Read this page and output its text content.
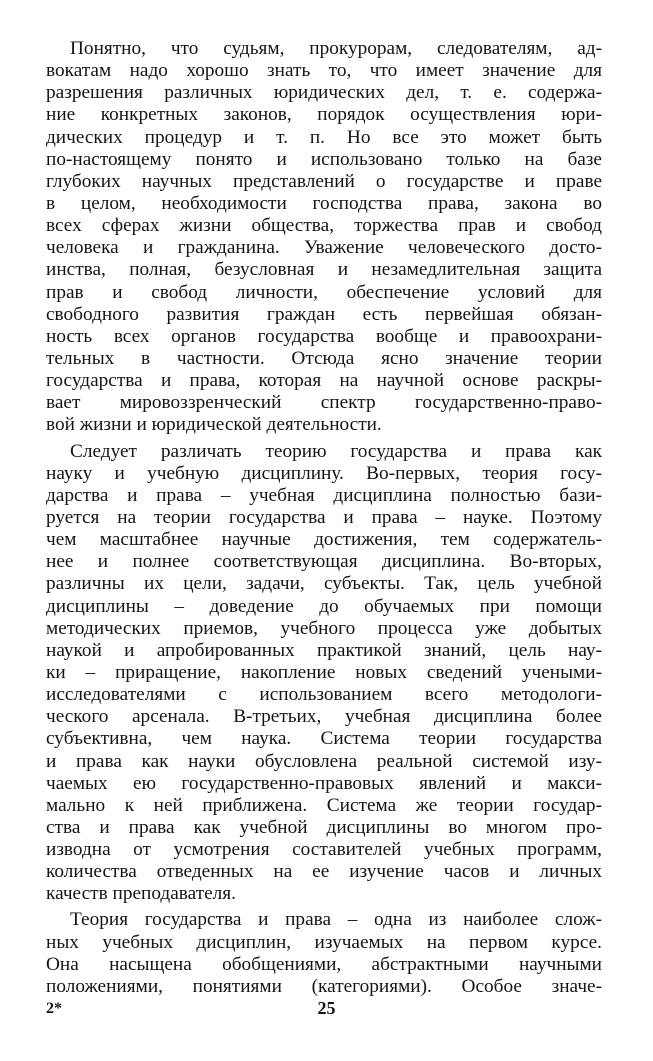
Понятно, что судьям, прокурорам, следователям, ад-
вокатам надо хорошо знать то, что имеет значение для
разрешения различных юридических дел, т. е. содержа-
ние конкретных законов, порядок осуществления юри-
дических процедур и т. п. Но все это может быть
по-настоящему понято и использовано только на базе
глубоких научных представлений о государстве и праве
в целом, необходимости господства права, закона во
всех сферах жизни общества, торжества прав и свобод
человека и гражданина. Уважение человеческого досто-
инства, полная, безусловная и незамедлительная защита
прав и свобод личности, обеспечение условий для
свободного развития граждан есть первейшая обязан-
ность всех органов государства вообще и правоохрани-
тельных в частности. Отсюда ясно значение теории
государства и права, которая на научной основе раскры-
вает мировоззренческий спектр государственно-право-
вой жизни и юридической деятельности.
Следует различать теорию государства и права как
науку и учебную дисциплину. Во-первых, теория госу-
дарства и права – учебная дисциплина полностью бази-
руется на теории государства и права – науке. Поэтому
чем масштабнее научные достижения, тем содержатель-
нее и полнее соответствующая дисциплина. Во-вторых,
различны их цели, задачи, субъекты. Так, цель учебной
дисциплины – доведение до обучаемых при помощи
методических приемов, учебного процесса уже добытых
наукой и апробированных практикой знаний, цель нау-
ки – приращение, накопление новых сведений учеными-
исследователями с использованием всего методологи-
ческого арсенала. В-третьих, учебная дисциплина более
субъективна, чем наука. Система теории государства
и права как науки обусловлена реальной системой изу-
чаемых ею государственно-правовых явлений и макси-
мально к ней приближена. Система же теории государ-
ства и права как учебной дисциплины во многом про-
изводна от усмотрения составителей учебных программ,
количества отведенных на ее изучение часов и личных
качеств преподавателя.
Теория государства и права – одна из наиболее слож-
ных учебных дисциплин, изучаемых на первом курсе.
Она насыщена обобщениями, абстрактными научными
положениями, понятиями (категориями). Особое значе-
2*	25
